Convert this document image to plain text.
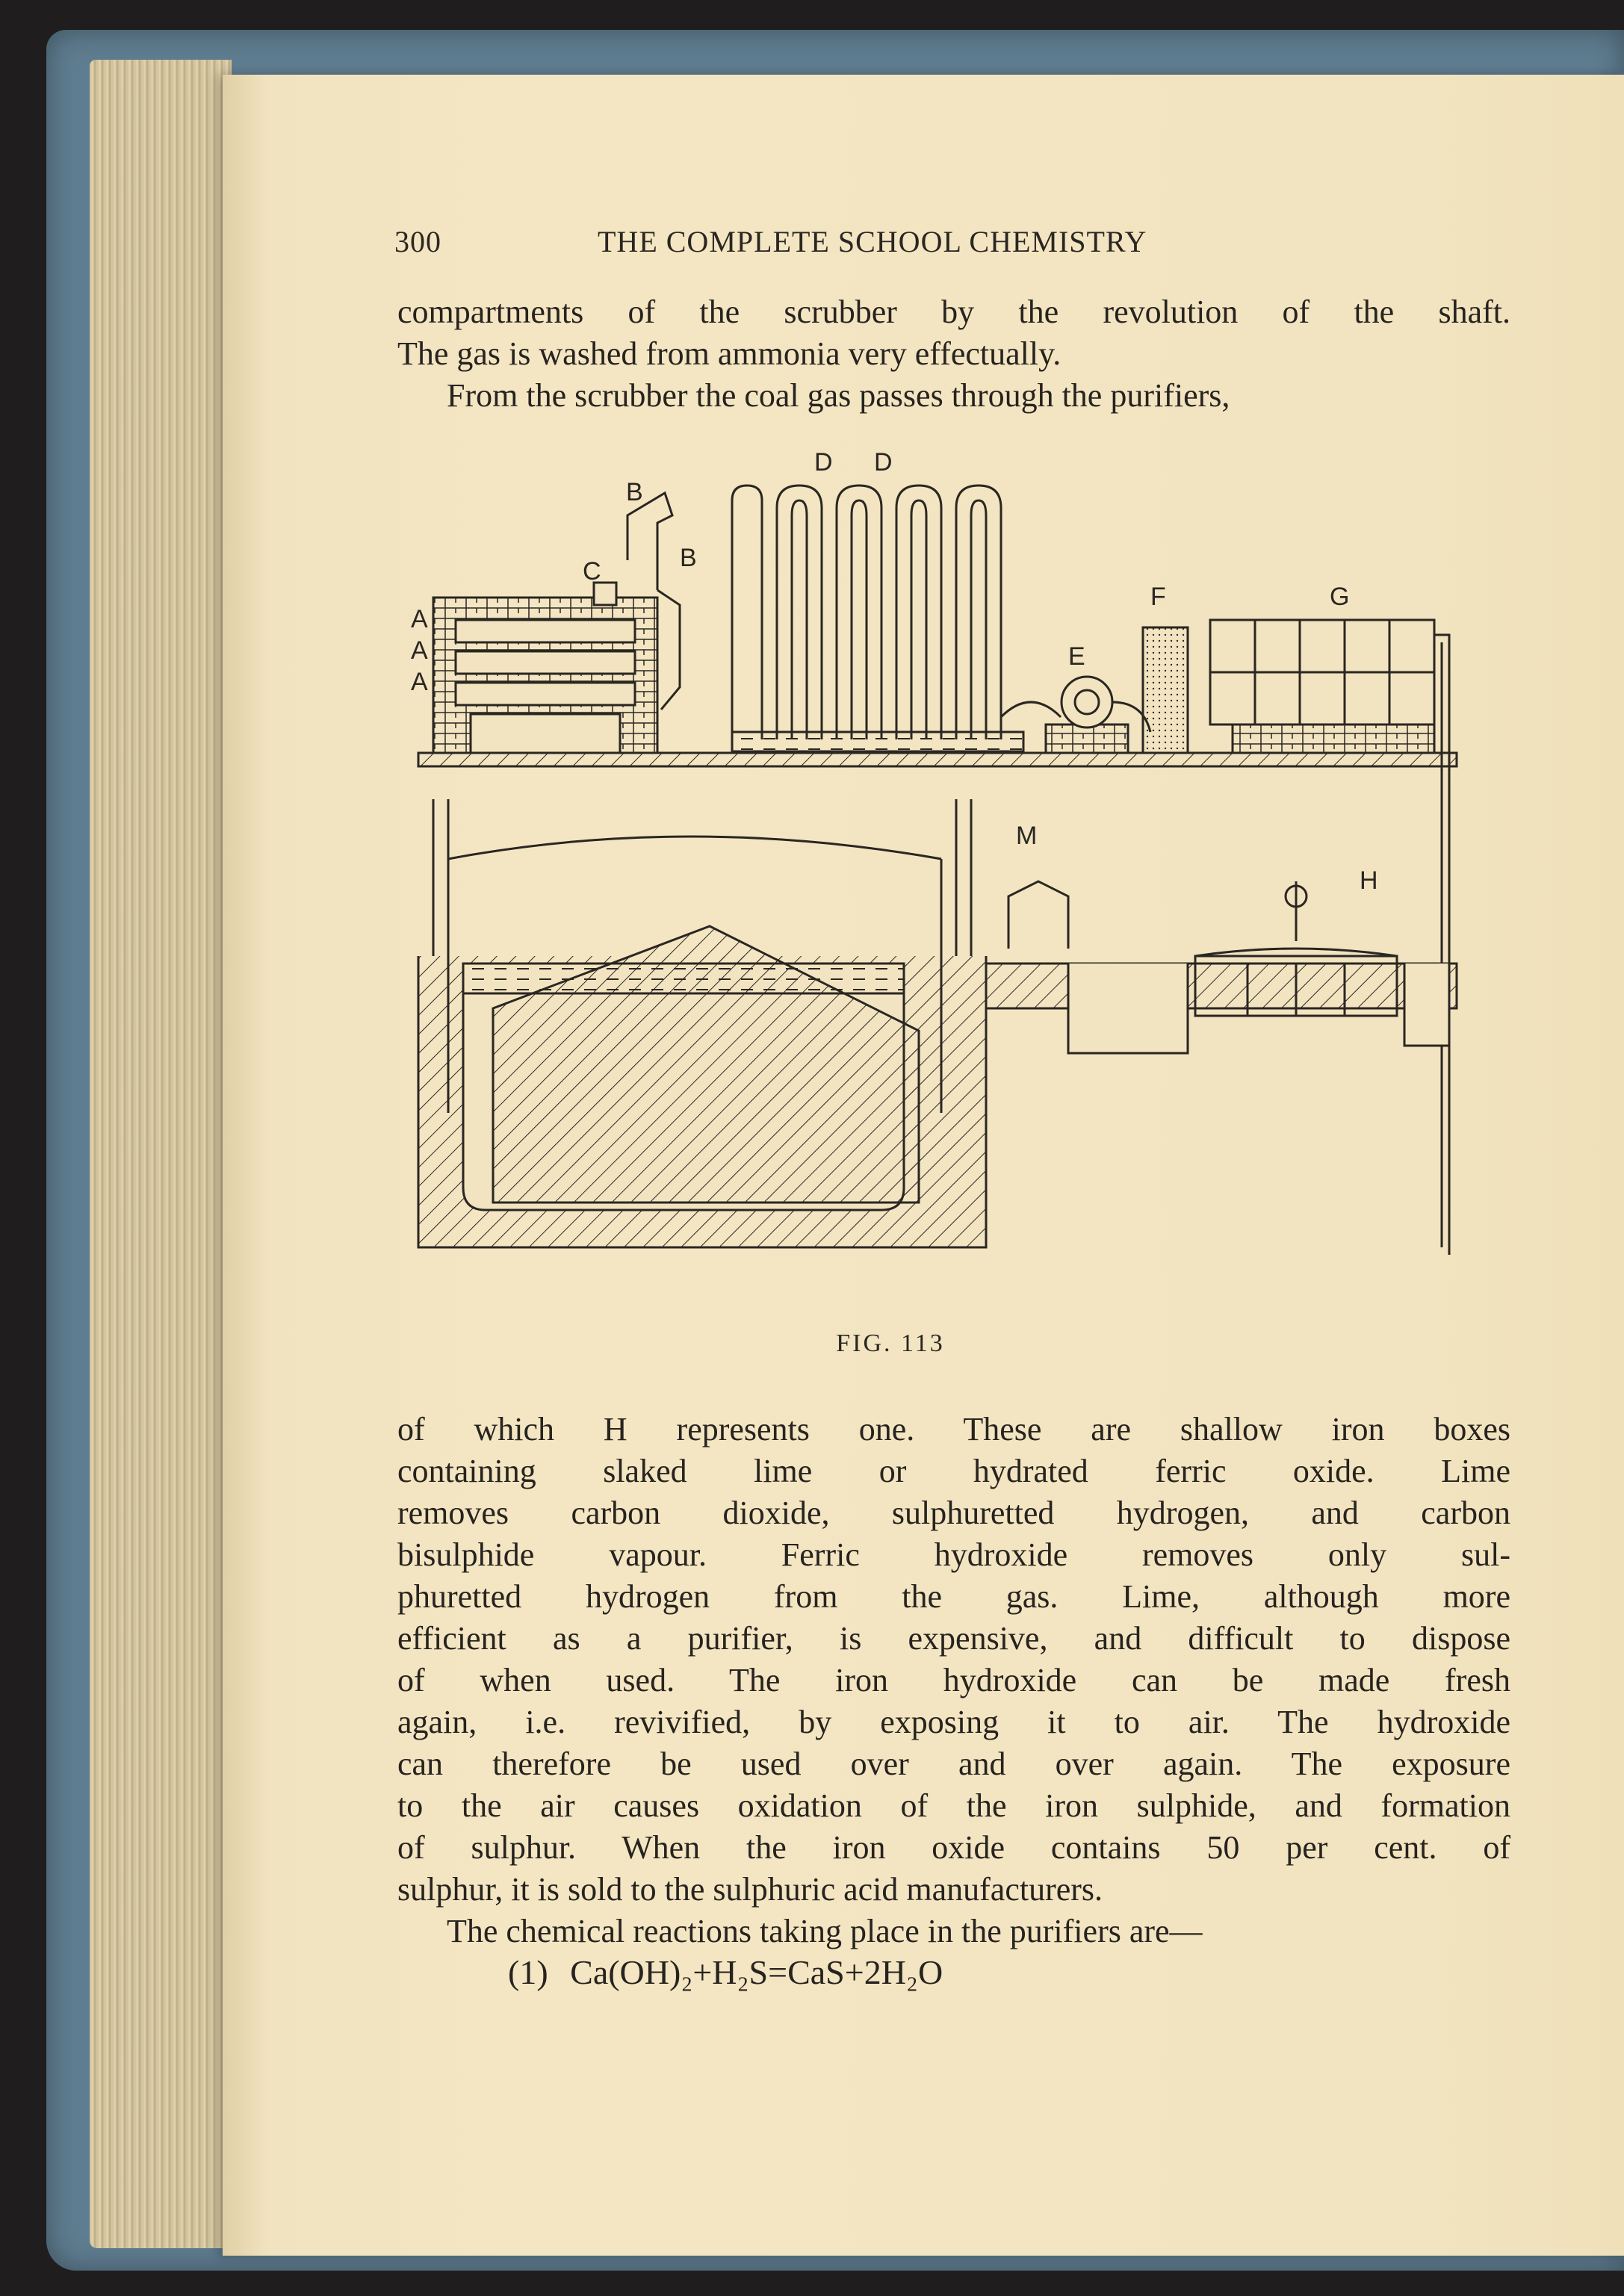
300	THE COMPLETE SCHOOL CHEMISTRY
compartments of the scrubber by the revolution of the shaft.
The gas is washed from ammonia very effectually.
From the scrubber the coal gas passes through the purifiers,
A
A
A
B
B
C
D D
E
F	G
M
H
FIG. 113
of which H represents one. These are shallow iron boxes
containing slaked lime or hydrated ferric oxide. Lime
removes carbon dioxide, sulphuretted hydrogen, and carbon
bisulphide vapour. Ferric hydroxide removes only sul-
phuretted hydrogen from the gas. Lime, although more
efficient as a purifier, is expensive, and difficult to dispose
of when used. The iron hydroxide can be made fresh
again, i.e. revivified, by exposing it to air. The hydroxide
can therefore be used over and over again. The exposure
to the air causes oxidation of the iron sulphide, and formation
of sulphur. When the iron oxide contains 50 per cent. of
sulphur, it is sold to the sulphuric acid manufacturers.
The chemical reactions taking place in the purifiers are—
(1) Ca(OH)₂+H₂S=CaS+2H₂O
